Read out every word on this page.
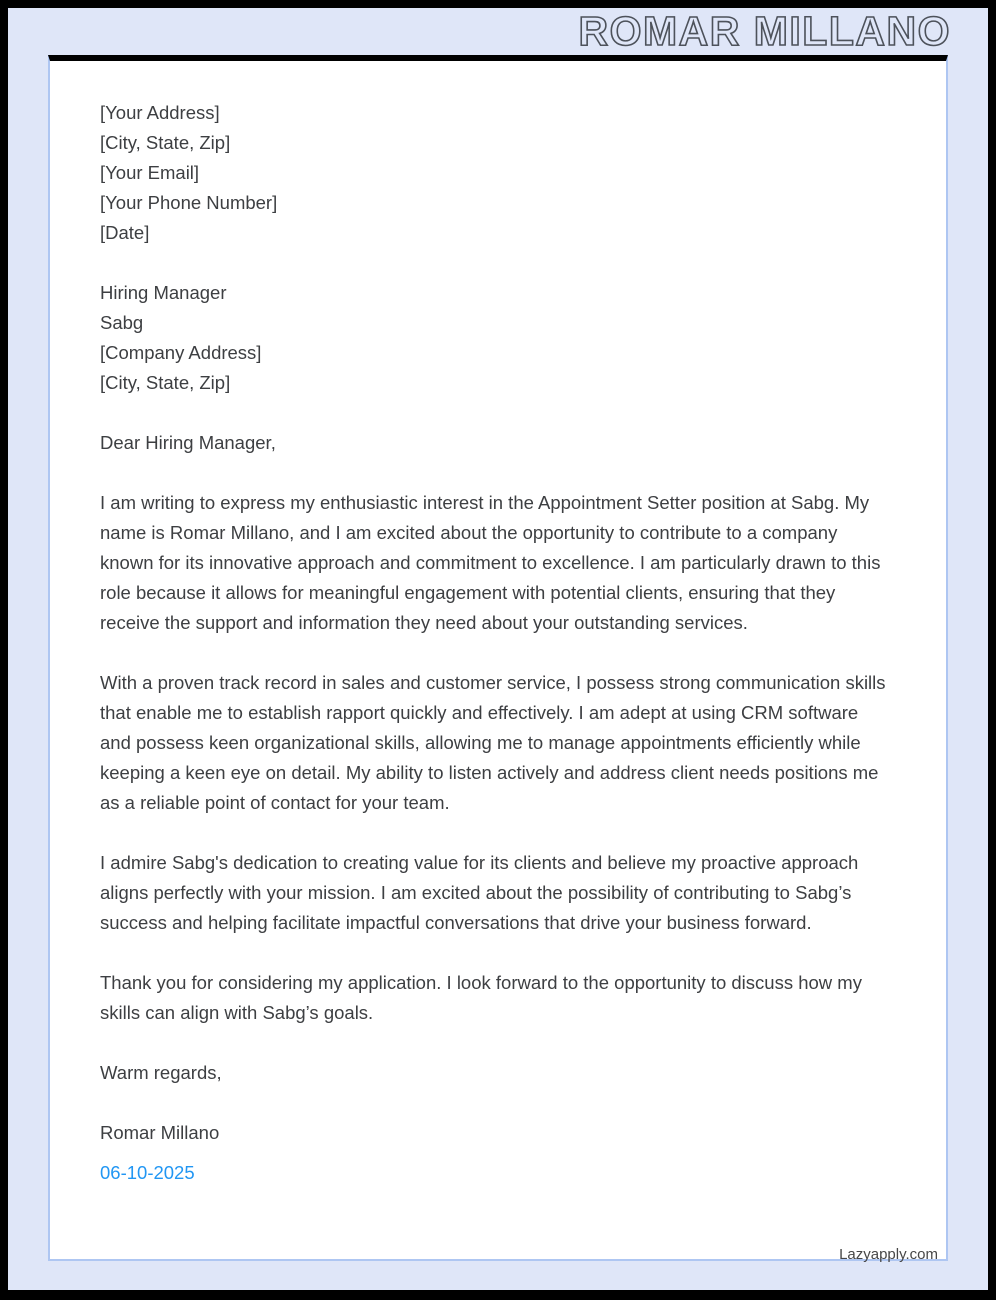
ROMAR MILLANO
[Your Address]
[City, State, Zip]
[Your Email]
[Your Phone Number]
[Date]
Hiring Manager
Sabg
[Company Address]
[City, State, Zip]
Dear Hiring Manager,

I am writing to express my enthusiastic interest in the Appointment Setter position at Sabg. My name is Romar Millano, and I am excited about the opportunity to contribute to a company known for its innovative approach and commitment to excellence. I am particularly drawn to this role because it allows for meaningful engagement with potential clients, ensuring that they receive the support and information they need about your outstanding services.

With a proven track record in sales and customer service, I possess strong communication skills that enable me to establish rapport quickly and effectively. I am adept at using CRM software and possess keen organizational skills, allowing me to manage appointments efficiently while keeping a keen eye on detail. My ability to listen actively and address client needs positions me as a reliable point of contact for your team.

I admire Sabg's dedication to creating value for its clients and believe my proactive approach aligns perfectly with your mission. I am excited about the possibility of contributing to Sabg’s success and helping facilitate impactful conversations that drive your business forward.

Thank you for considering my application. I look forward to the opportunity to discuss how my skills can align with Sabg’s goals.

Warm regards,
Romar Millano
06-10-2025
Lazyapply.com
